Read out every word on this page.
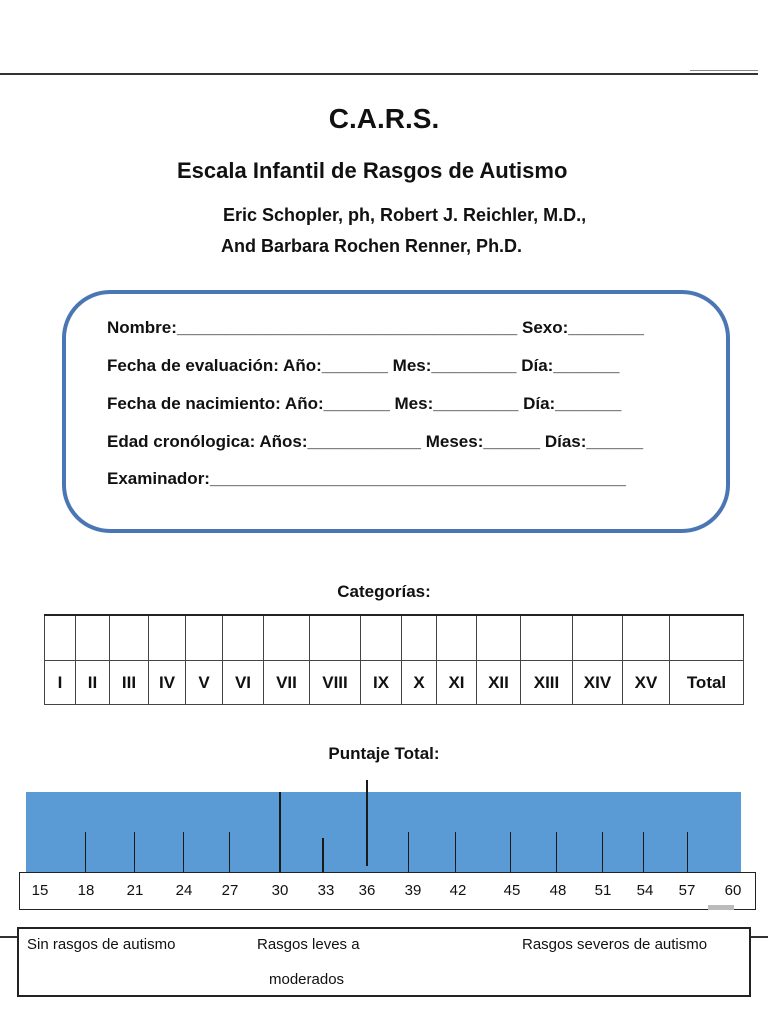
C.A.R.S.
Escala Infantil de Rasgos de Autismo
Eric Schopler, ph, Robert J. Reichler, M.D.,
And Barbara Rochen Renner, Ph.D.
Nombre:____________________________________ Sexo:________
Fecha de evaluación: Año:_______ Mes:_________ Día:_______
Fecha de nacimiento: Año:_______ Mes:_________ Día:_______
Edad cronólogica: Años:____________ Meses:______ Días:______
Examinador:____________________________________________
Categorías:

I	II	III	IV	V	VI	VII	VIII	IX	X	XI	XII	XIII	XIV	XV	Total
Puntaje Total:
15 18 21 24 27 30 33 36 39 42 45 48 51 54 57 60
Sin rasgos de autismo	Rasgos leves a
moderados
Rasgos severos de autismo
